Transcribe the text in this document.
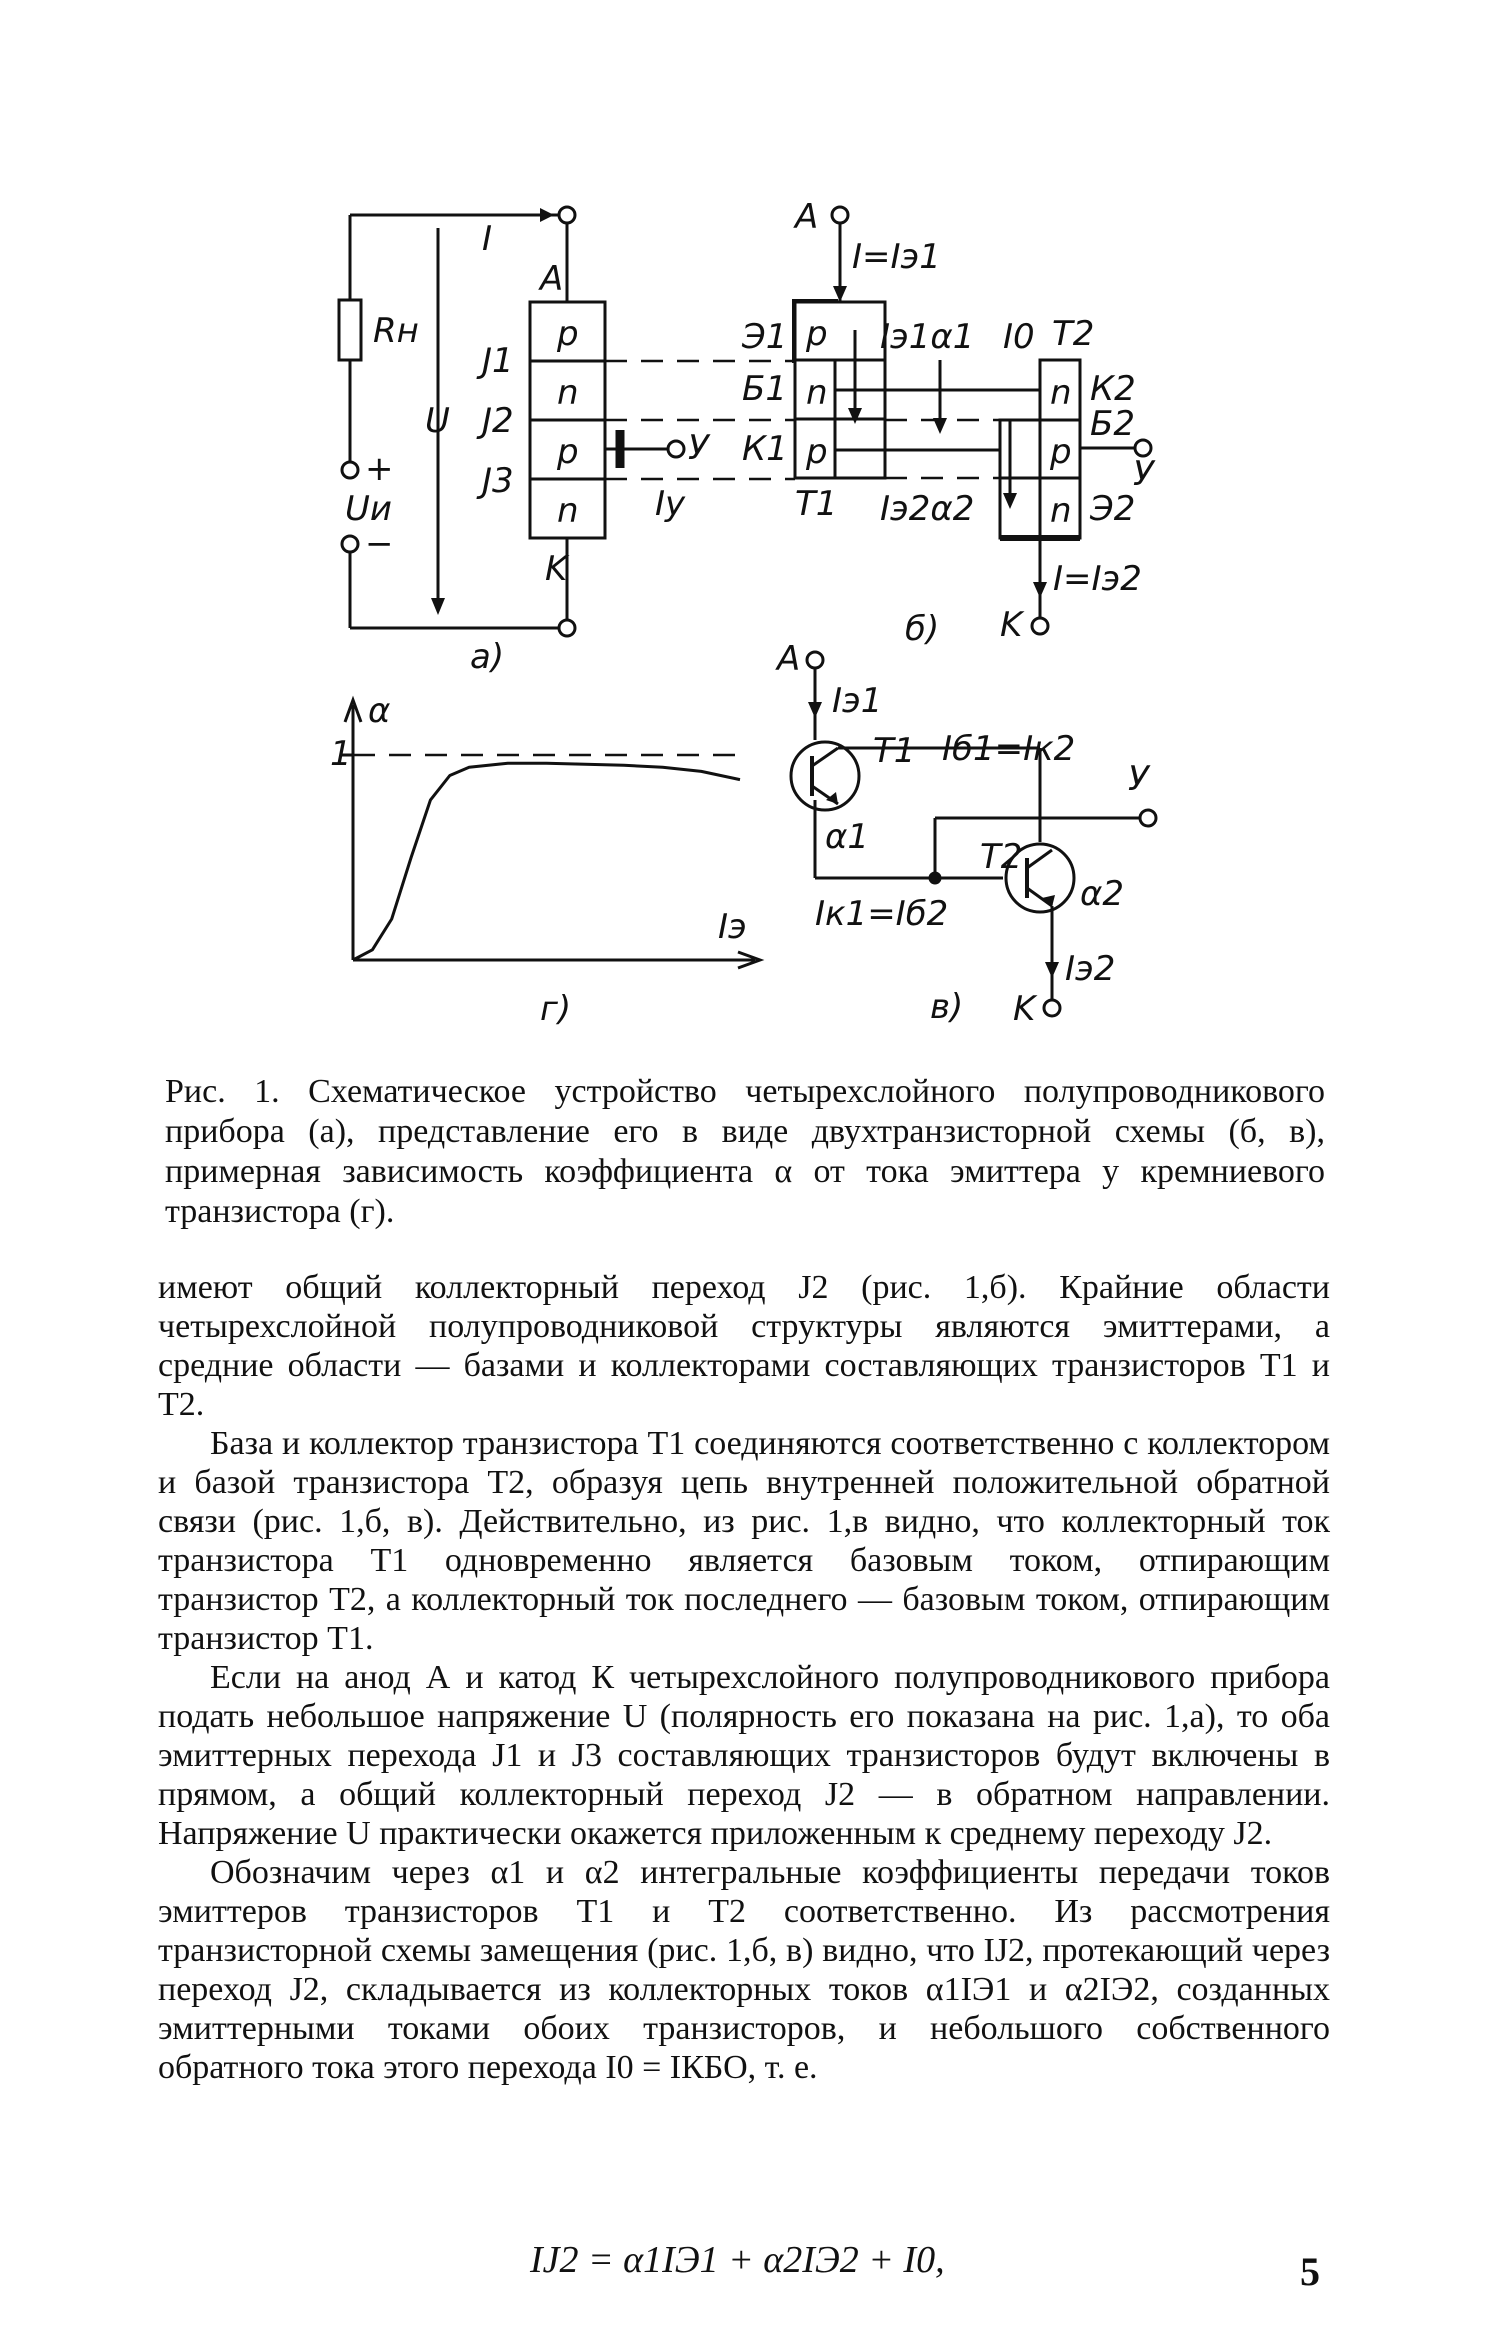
I
A
K
p
n
p
n
J1
J2
J3
U
Rн
+
Uи
−
У
Iу
а)
A
I=Iэ1
Э1
Б1
К1
T1
p
n
p
n
p
n
Iэ1α1 I0
Iэ2α2
T2
К2
Б2
Э2
У
I=Iэ2
K
б)
A
Iэ1
T1 Iб1=Iк2
У
α1	T2
α2
Iк1=Iб2
Iэ2
K
в)
α
1
Iэ
г)
Рис. 1. Схематическое устройство четырехслойного полупроводникового прибора (а), представление его в виде двухтранзисторной схемы (б, в), примерная зависимость коэффициента α от тока эмиттера у кремниевого транзистора (г).

имеют общий коллекторный переход J2 (рис. 1,б). Крайние области четырехслойной полупроводниковой структуры являются эмиттерами, а средние области — базами и коллекторами составляющих транзисторов T1 и T2.

База и коллектор транзистора T1 соединяются соответственно с коллектором и базой транзистора T2, образуя цепь внутренней положительной обратной связи (рис. 1,б, в). Действительно, из рис. 1,в видно, что коллекторный ток транзистора T1 одновременно является базовым током, отпирающим транзистор T2, а коллекторный ток последнего — базовым током, отпирающим транзистор T1.

Если на анод А и катод К четырехслойного полупроводникового прибора подать небольшое напряжение U (полярность его показана на рис. 1,а), то оба эмиттерных перехода J1 и J3 составляющих транзисторов будут включены в прямом, а общий коллекторный переход J2 — в обратном направлении. Напряжение U практически окажется приложенным к среднему переходу J2.

Обозначим через α1 и α2 интегральные коэффициенты передачи токов эмиттеров транзисторов T1 и T2 соответственно. Из рассмотрения транзисторной схемы замещения (рис. 1,б, в) видно, что IJ2, протекающий через переход J2, складывается из коллекторных токов α1IЭ1 и α2IЭ2, созданных эмиттерными токами обоих транзисторов, и небольшого собственного обратного тока этого перехода I0 = IКБО, т. е.

IJ2 = α1IЭ1 + α2IЭ2 + I0,	5
